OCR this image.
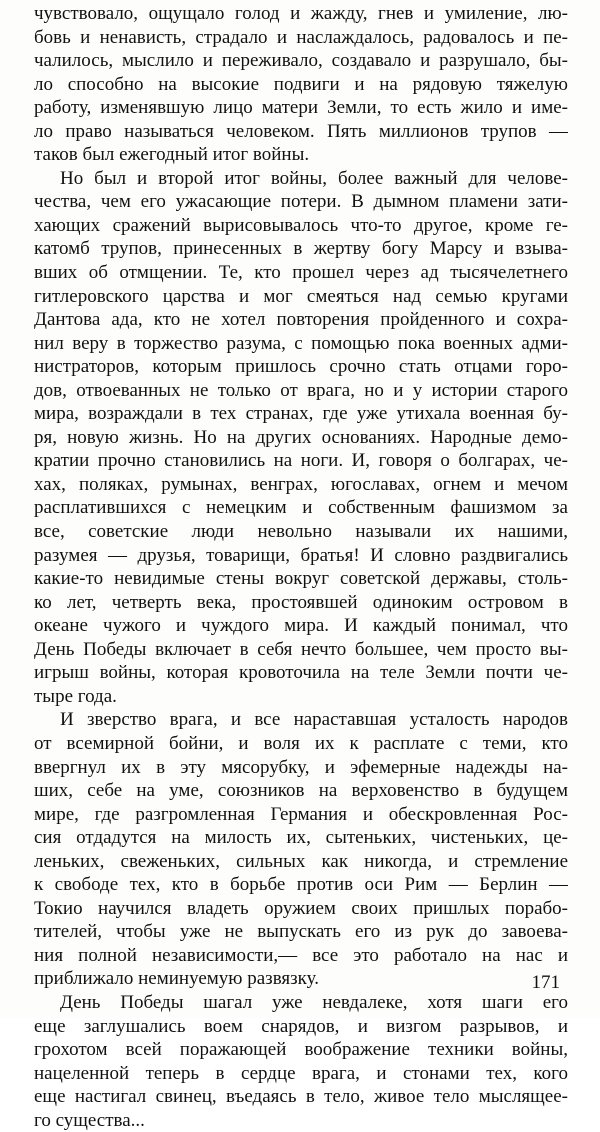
чувствовало, ощущало голод и жажду, гнев и умиление, лю-
бовь и ненависть, страдало и наслаждалось, радовалось и пе-
чалилось, мыслило и переживало, создавало и разрушало, бы-
ло способно на высокие подвиги и на рядовую тяжелую
работу, изменявшую лицо матери Земли, то есть жило и име-
ло право называться человеком. Пять миллионов трупов —
таков был ежегодный итог войны.
Но был и второй итог войны, более важный для челове-
чества, чем его ужасающие потери. В дымном пламени зати-
хающих сражений вырисовывалось что-то другое, кроме ге-
катомб трупов, принесенных в жертву богу Марсу и взыва-
вших об отмщении. Те, кто прошел через ад тысячелетнего
гитлеровского царства и мог смеяться над семью кругами
Дантова ада, кто не хотел повторения пройденного и сохра-
нил веру в торжество разума, с помощью пока военных адми-
нистраторов, которым пришлось срочно стать отцами горо-
дов, отвоеванных не только от врага, но и у истории старого
мира, возраждали в тех странах, где уже утихала военная бу-
ря, новую жизнь. Но на других основаниях. Народные демо-
кратии прочно становились на ноги. И, говоря о болгарах, че-
хах, поляках, румынах, венграх, югославах, огнем и мечом
расплатившихся с немецким и собственным фашизмом за
все, советские люди невольно называли их нашими,
разумея — друзья, товарищи, братья! И словно раздвигались
какие-то невидимые стены вокруг советской державы, столь-
ко лет, четверть века, простоявшей одиноким островом в
океане чужого и чуждого мира. И каждый понимал, что
День Победы включает в себя нечто большее, чем просто вы-
игрыш войны, которая кровоточила на теле Земли почти че-
тыре года.
И зверство врага, и все нараставшая усталость народов
от всемирной бойни, и воля их к расплате с теми, кто
ввергнул их в эту мясорубку, и эфемерные надежды на-
ших, себе на уме, союзников на верховенство в будущем
мире, где разгромленная Германия и обескровленная Рос-
сия отдадутся на милость их, сытеньких, чистеньких, це-
леньких, свеженьких, сильных как никогда, и стремление
к свободе тех, кто в борьбе против оси Рим — Берлин —
Токио научился владеть оружием своих пришлых порабо-
тителей, чтобы уже не выпускать его из рук до завоева-
ния полной независимости,— все это работало на нас и
приближало неминуемую развязку.
День Победы шагал уже невдалеке, хотя шаги его
еще заглушались воем снарядов, и визгом разрывов, и
грохотом всей поражающей воображение техники войны,
нацеленной теперь в сердце врага, и стонами тех, кого
еще настигал свинец, въедаясь в тело, живое тело мыслящее-
го существа...
171
